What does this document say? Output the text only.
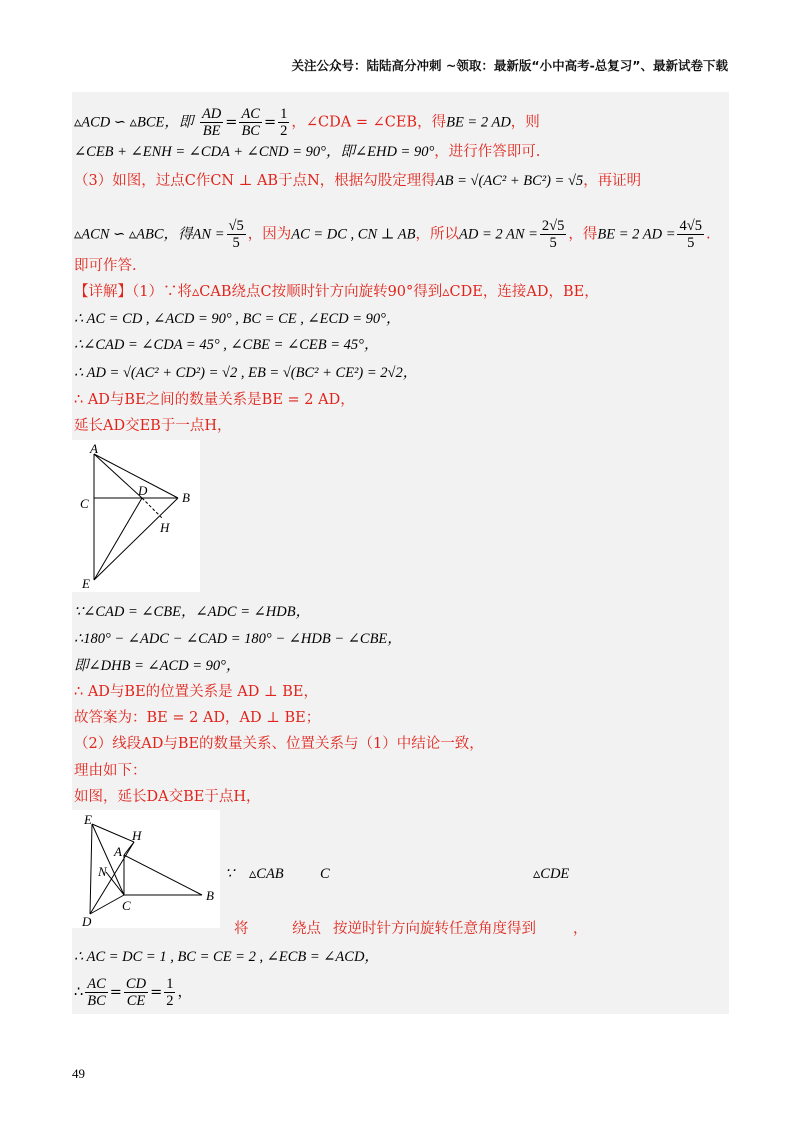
关注公众号：陆陆高分冲刺 ~领取：最新版“小中高考-总复习”、最新试卷下载
▵ACD ∽ ▵BCE，即 $\frac{AD}{BE} = \frac{AC}{BC} = \frac{1}{2}$ ，∠CDA = ∠CEB，得BE = 2 AD，则
∠CEB + ∠ENH = ∠CDA + ∠CND = 90°，即∠EHD = 90°，进行作答即可.
（3）如图，过点C作CN ⊥ AB于点N，根据勾股定理得AB = √(AC² + BC²) = √5，再证明
▵ACN ∽ ▵ABC，得AN = $\frac{√5}{5}$ ，因为AC = DC , CN ⊥ AB，所以AD = 2 AN = $\frac{2√5}{5}$ ，得BE = 2 AD = $\frac{4√5}{5}$ .
即可作答.
【详解】（1）∵将▵CAB绕点C按顺时针方向旋转90°得到▵CDE，连接AD，BE，
∴ AC = CD , ∠ACD = 90° , BC = CE , ∠ECD = 90°，
∴∠CAD = ∠CDA = 45° , ∠CBE = ∠CEB = 45°，
∴ AD = √(AC² + CD²) = √2 , EB = √(BC² + CE²) = 2√2，
∴ AD与BE之间的数量关系是BE = 2 AD，
延长AD交EB于一点H，
A
C
D	B
H
E
∵∠CAD = ∠CBE，∠ADC = ∠HDB，
∴180° − ∠ADC − ∠CAD = 180° − ∠HDB − ∠CBE，
即∠DHB = ∠ACD = 90°，
∴ AD与BE的位置关系是 AD ⊥ BE，
故答案为：BE = 2 AD，AD ⊥ BE；
（2）线段AD与BE的数量关系、位置关系与（1）中结论一致，
理由如下：
如图，延长DA交BE于点H，
E
H
A
N
C
D
B
∵ ▵CAB	C	▵CDE
将	绕点 按逆时针方向旋转任意角度得到	，
∴ AC = DC = 1 , BC = CE = 2 , ∠ECB = ∠ACD，
∴ $\frac{AC}{BC} = \frac{CD}{CE} = \frac{1}{2}$ ，
49
